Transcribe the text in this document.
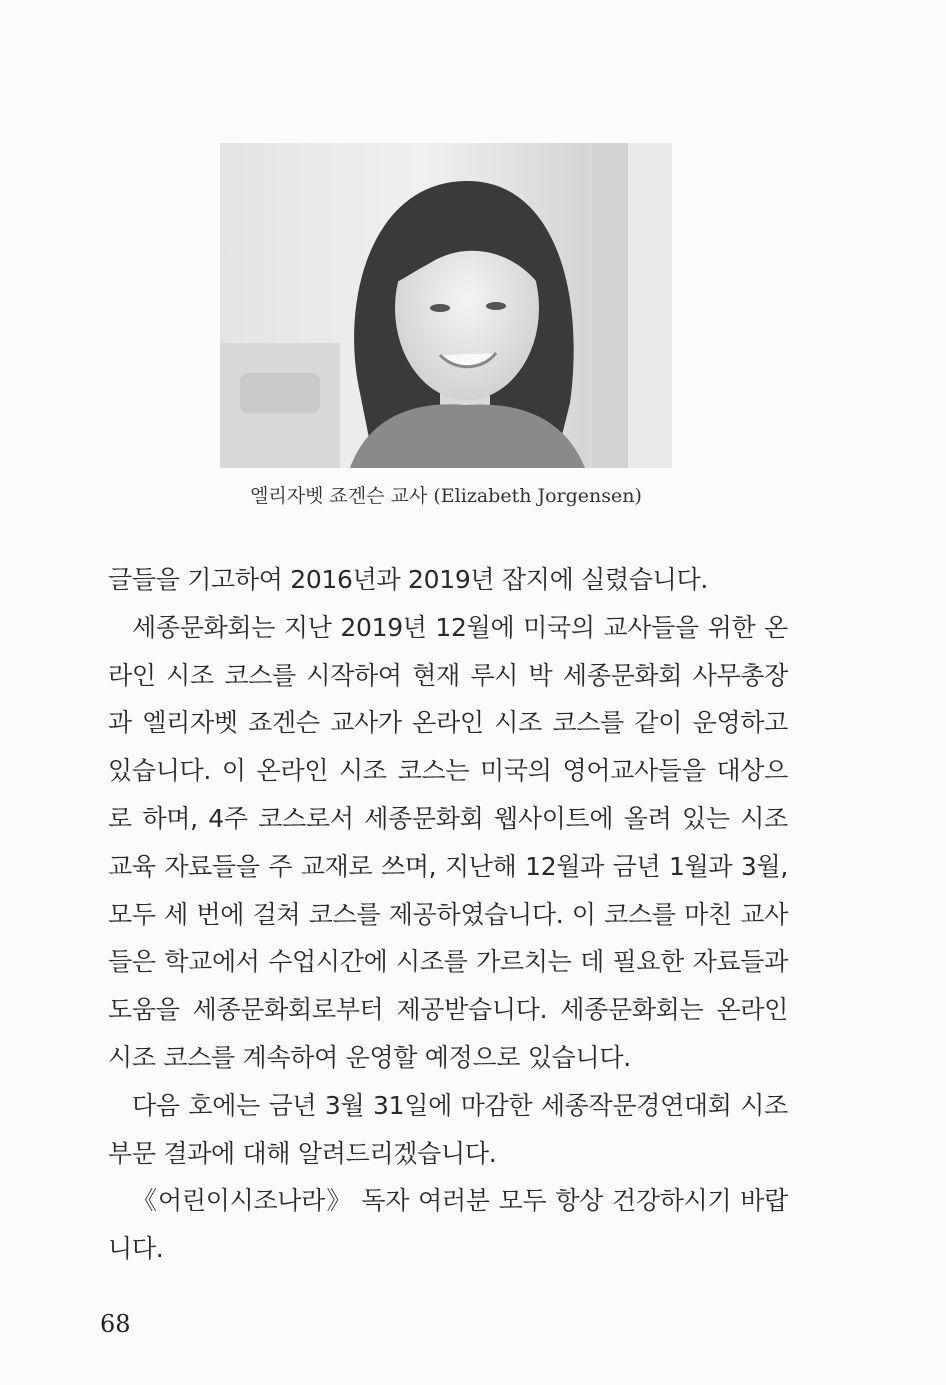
엘리자벳 죠겐슨 교사 (Elizabeth Jorgensen)

글들을 기고하여 2016년과 2019년 잡지에 실렸습니다.

세종문화회는 지난 2019년 12월에 미국의 교사들을 위한 온라인 시조 코스를 시작하여 현재 루시 박 세종문화회 사무총장과 엘리자벳 죠겐슨 교사가 온라인 시조 코스를 같이 운영하고 있습니다. 이 온라인 시조 코스는 미국의 영어교사들을 대상으로 하며, 4주 코스로서 세종문화회 웹사이트에 올려 있는 시조 교육 자료들을 주 교재로 쓰며, 지난해 12월과 금년 1월과 3월, 모두 세 번에 걸쳐 코스를 제공하였습니다. 이 코스를 마친 교사들은 학교에서 수업시간에 시조를 가르치는 데 필요한 자료들과 도움을 세종문화회로부터 제공받습니다. 세종문화회는 온라인 시조 코스를 계속하여 운영할 예정으로 있습니다.

다음 호에는 금년 3월 31일에 마감한 세종작문경연대회 시조 부문 결과에 대해 알려드리겠습니다.

《어린이시조나라》 독자 여러분 모두 항상 건강하시기 바랍니다.

68
